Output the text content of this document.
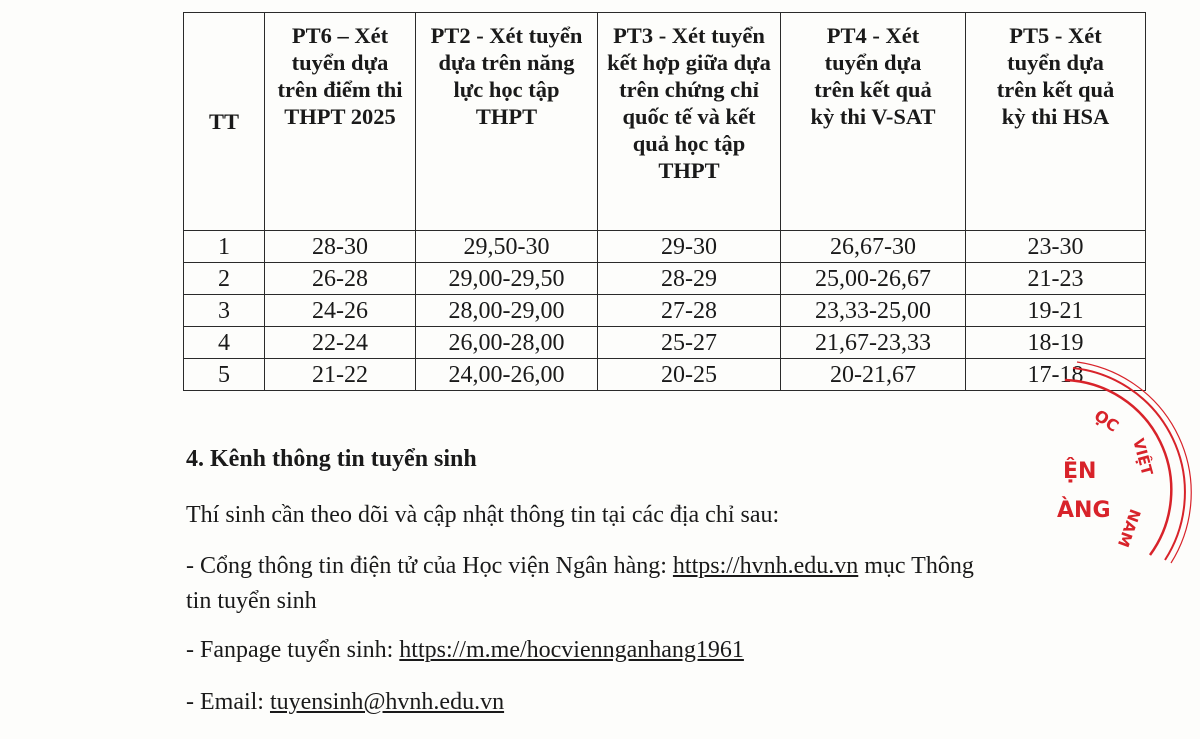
TT	PT6 – Xét tuyển dựa trên điểm thi THPT 2025	PT2 - Xét tuyển dựa trên năng lực học tập THPT	PT3 - Xét tuyển kết hợp giữa dựa trên chứng chỉ quốc tế và kết quả học tập THPT	PT4 - Xét tuyển dựa trên kết quả kỳ thi V-SAT	PT5 - Xét tuyển dựa trên kết quả kỳ thi HSA
1	28-30	29,50-30	29-30	26,67-30	23-30
2	26-28	29,00-29,50	28-29	25,00-26,67	21-23
3	24-26	28,00-29,00	27-28	23,33-25,00	19-21
4	22-24	26,00-28,00	25-27	21,67-23,33	18-19
5	21-22	24,00-26,00	20-25	20-21,67	17-18
4. Kênh thông tin tuyển sinh
Thí sinh cần theo dõi và cập nhật thông tin tại các địa chỉ sau:
- Cổng thông tin điện tử của Học viện Ngân hàng: https://hvnh.edu.vn mục Thông
tin tuyển sinh
- Fanpage tuyển sinh: https://m.me/hocviennganhang1961
- Email: tuyensinh@hvnh.edu.vn
ỌC
VIỆT
NAM
ỆN
ÀNG
